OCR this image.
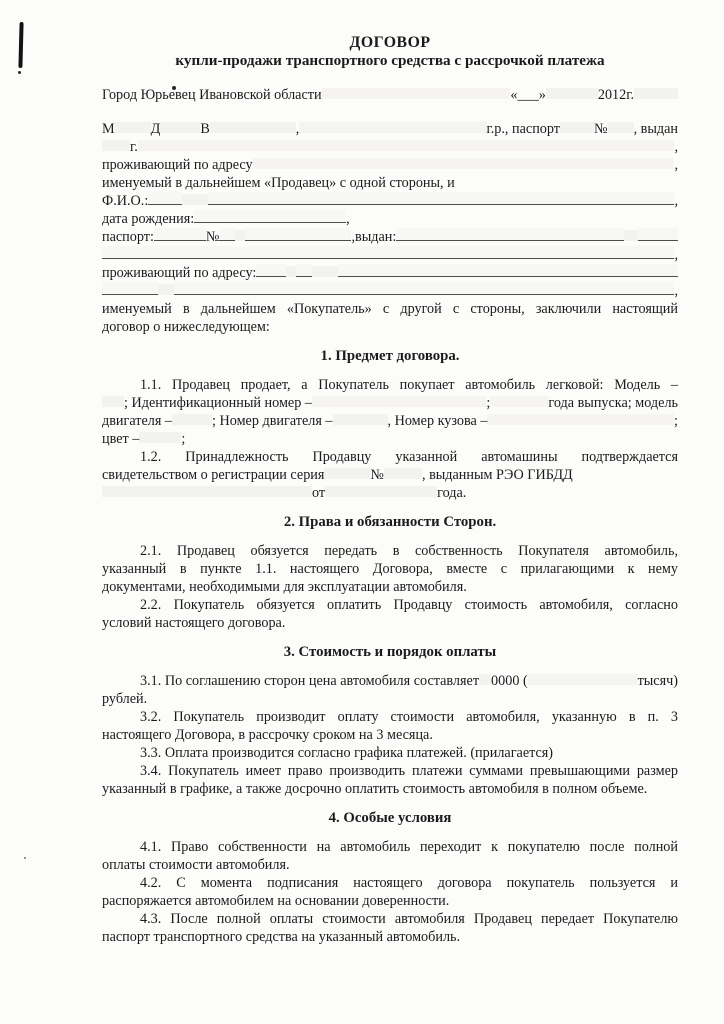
ДОГОВОР
купли-продажи транспортного средства с рассрочкой платежа
Город Юрьевец Ивановской области	«___»	2012г.
М	Д	В	,	г.р., паспорт № , выдан
г.	,
проживающий по адресу	,
именуемый в дальнейшем «Продавец» с одной стороны, и
Ф.И.О.:	,
дата рождения:	,
паспорт:	№	,выдан:
,
проживающий по адресу:
,
именуемый в дальнейшем «Покупатель» с другой с стороны, заключили настоящий
договор о нижеследующем:
1. Предмет договора.
1.1. Продавец продает, а Покупатель покупает автомобиль легковой: Модель –
; Идентификационный номер –	;	года выпуска; модель
двигателя –	; Номер двигателя –	, Номер кузова –	;
цвет –	;
1.2. Принадлежность Продавцу указанной автомашины подтверждается
свидетельством о регистрации серия	№	, выданным РЭО ГИБДД
от	года.
2. Права и обязанности Сторон.
2.1. Продавец обязуется передать в собственность Покупателя автомобиль,
указанный в пункте 1.1. настоящего Договора, вместе с прилагающими к нему
документами, необходимыми для эксплуатации автомобиля.
2.2. Покупатель обязуется оплатить Продавцу стоимость автомобиля, согласно
условий настоящего договора.
3. Стоимость и порядок оплаты
3.1. По соглашению сторон цена автомобиля составляет 0000 (	тысяч)
рублей.
3.2. Покупатель производит оплату стоимости автомобиля, указанную в п. 3
настоящего Договора, в рассрочку сроком на 3 месяца.
3.3. Оплата производится согласно графика платежей. (прилагается)
3.4. Покупатель имеет право производить платежи суммами превышающими размер
указанный в графике, а также досрочно оплатить стоимость автомобиля в полном объеме.
4. Особые условия
4.1. Право собственности на автомобиль переходит к покупателю после полной
оплаты стоимости автомобиля.
4.2. С момента подписания настоящего договора покупатель пользуется и
распоряжается автомобилем на основании доверенности.
4.3. После полной оплаты стоимости автомобиля Продавец передает Покупателю
паспорт транспортного средства на указанный автомобиль.
